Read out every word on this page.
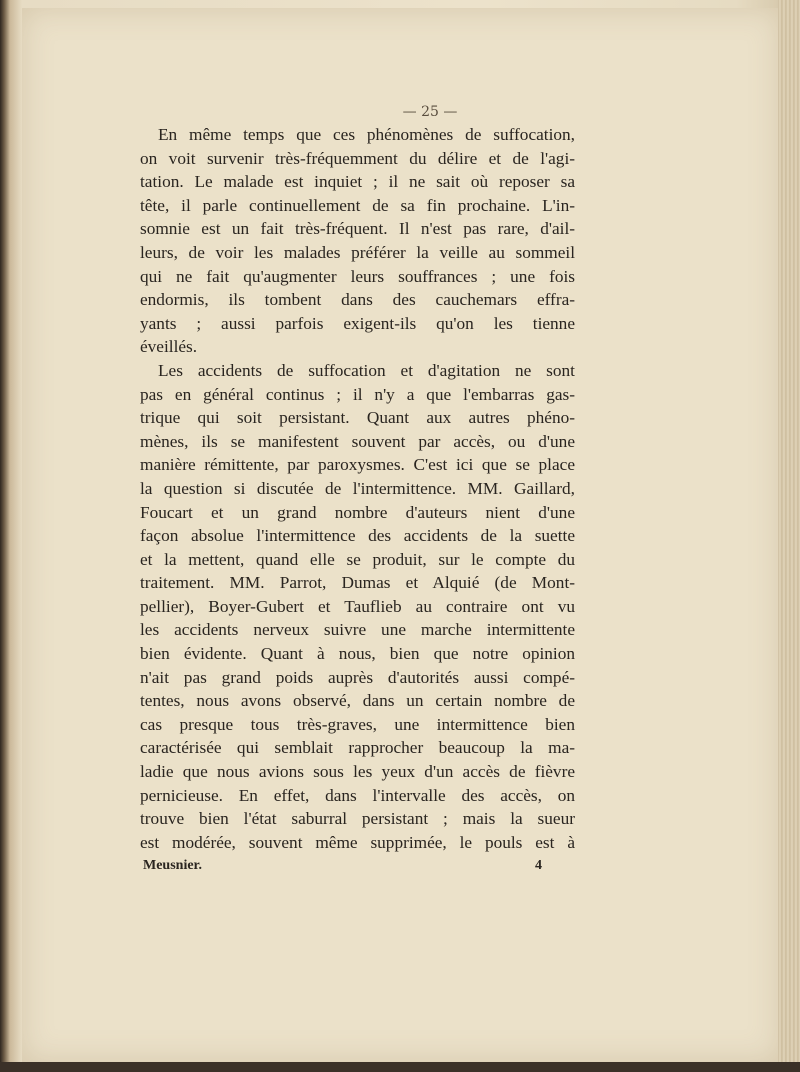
— 25 —
En même temps que ces phénomènes de suffocation,
on voit survenir très-fréquemment du délire et de l'agi-
tation. Le malade est inquiet ; il ne sait où reposer sa
tête, il parle continuellement de sa fin prochaine. L'in-
somnie est un fait très-fréquent. Il n'est pas rare, d'ail-
leurs, de voir les malades préférer la veille au sommeil
qui ne fait qu'augmenter leurs souffrances ; une fois
endormis, ils tombent dans des cauchemars effra-
yants ; aussi parfois exigent-ils qu'on les tienne
éveillés.
Les accidents de suffocation et d'agitation ne sont
pas en général continus ; il n'y a que l'embarras gas-
trique qui soit persistant. Quant aux autres phéno-
mènes, ils se manifestent souvent par accès, ou d'une
manière rémittente, par paroxysmes. C'est ici que se place
la question si discutée de l'intermittence. MM. Gaillard,
Foucart et un grand nombre d'auteurs nient d'une
façon absolue l'intermittence des accidents de la suette
et la mettent, quand elle se produit, sur le compte du
traitement. MM. Parrot, Dumas et Alquié (de Mont-
pellier), Boyer-Gubert et Tauflieb au contraire ont vu
les accidents nerveux suivre une marche intermittente
bien évidente. Quant à nous, bien que notre opinion
n'ait pas grand poids auprès d'autorités aussi compé-
tentes, nous avons observé, dans un certain nombre de
cas presque tous très-graves, une intermittence bien
caractérisée qui semblait rapprocher beaucoup la ma-
ladie que nous avions sous les yeux d'un accès de fièvre
pernicieuse. En effet, dans l'intervalle des accès, on
trouve bien l'état saburral persistant ; mais la sueur
est modérée, souvent même supprimée, le pouls est à
Meusnier.	4
